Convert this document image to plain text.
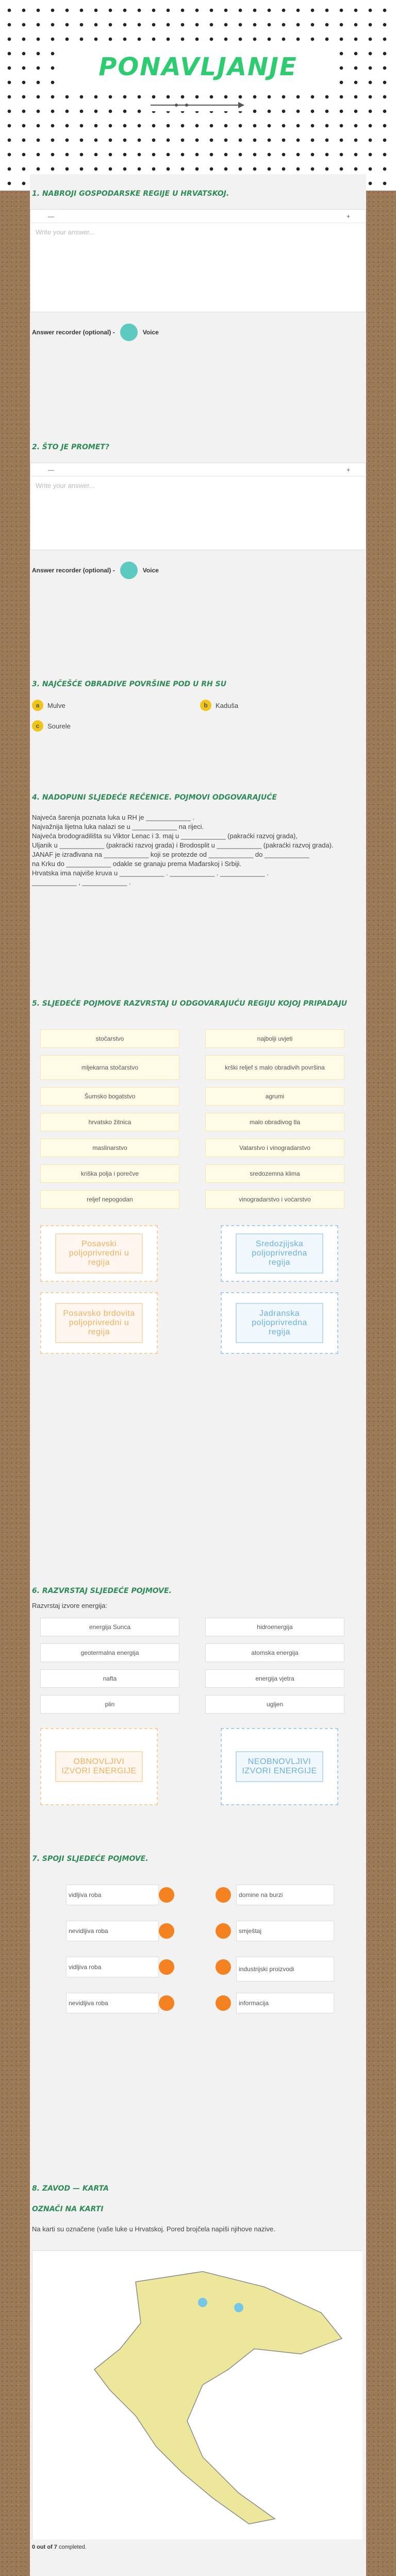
PONAVLJANJE
1. NABROJI GOSPODARSKE REGIJE U HRVATSKOJ.
—	+
Write your answer...
Answer recorder (optional) -	Voice
2. ŠTO JE PROMET?
—	+
Write your answer...
Answer recorder (optional) -	Voice
3. NAJČEŠĆE OBRADIVE POVRŠINE POD U RH SU
a	Mulve	b	Kaduša
c	Sourele
4. NADOPUNI SLJEDEĆE REČENICE. POJMOVI ODGOVARAJUĆE
Najveća šarenja poznata luka u RH je ____________ .
Najvažnija lijetna luka nalazi se u ____________ na rijeci.
Najveća brodogradilišta su Viktor Lenac i 3. maj u ____________ (pakraćki razvoj grada),
Uljanik u ____________ (pakraćki razvoj grada) i Brodosplit u ____________ (pakraćki razvoj grada).
JANAF je izrađivana na ____________ koji se protezde od ____________ do ____________
na Krku do ____________ odakle se granaju prema Mađarskoj i Srbiji.
Hrvatska ima najviše kruva u ____________ . ____________ . ____________ .
____________ , ____________ .
5. SLJEDEĆE POJMOVE RAZVRSTAJ U ODGOVARAJUĆU REGIJU KOJOJ PRIPADAJU
stočarstvo	najbolji uvjeti
mljekarna stočarstvo	krški reljef s malo obradivih površina
Šumsko bogatstvo	agrumi
hrvatsko žitnica	malo obradivog tla
maslinarstvo	Vatarstvo i vinogradarstvo
kriška polja i porečve	sredozemna klima
reljef nepogodan	vinogradarstvo i voćarstvo
Posavski poljoprivredni u regija
Sredozjijska poljoprivredna regija
Posavsko brdovita poljoprivredni u regija
Jadranska poljoprivredna regija
6. RAZVRSTAJ SLJEDEĆE POJMOVE.
Razvrstaj izvore energija:
energija Sunca	hidroenergija
geotermalna energija	atomska energija
nafta	energija vjetra
plin	ugljen
OBNOVLJIVI IZVORI ENERGIJE
NEOBNOVLJIVI IZVORI ENERGIJE
7. SPOJI SLJEDEĆE POJMOVE.
vidljiva roba	domine na burzi
nevidljiva roba	smještaj
vidljiva roba	industrijski proizvodi
nevidljiva roba	informacija
8. ZAVOD — KARTA
OZNAČI NA KARTI
Na karti su označene (vaše luke u Hrvatskoj. Pored brojčela napiši njihove nazive.
0 out of 7 completed.
